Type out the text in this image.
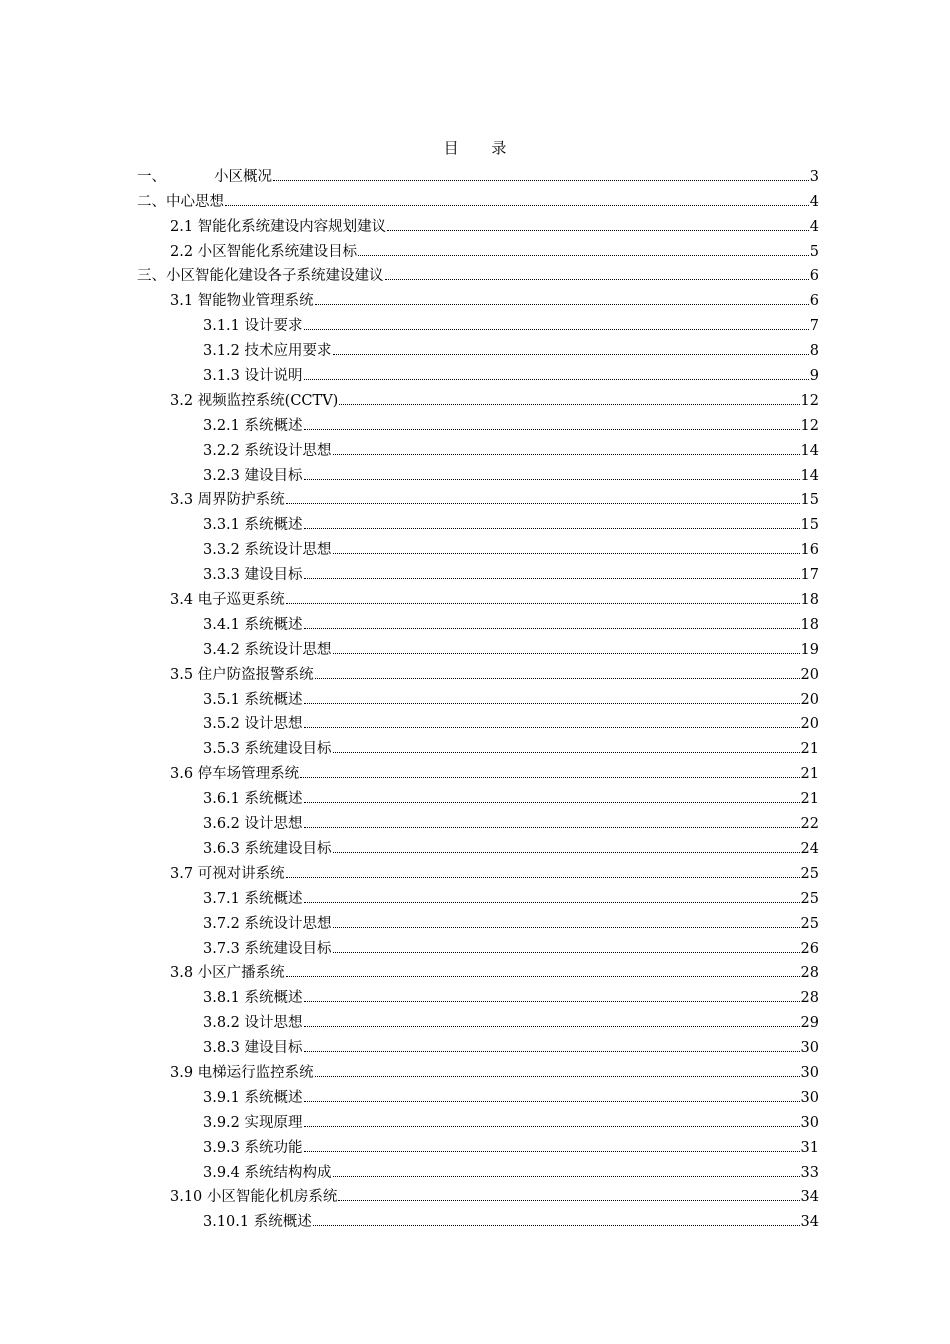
目 录
一、	小区概况	3
二、中心思想	4
2.1 智能化系统建设内容规划建议	4
2.2 小区智能化系统建设目标	5
三、小区智能化建设各子系统建设建议	6
3.1 智能物业管理系统	6
3.1.1 设计要求	7
3.1.2 技术应用要求	8
3.1.3 设计说明	9
3.2 视频监控系统(CCTV)	12
3.2.1 系统概述	12
3.2.2 系统设计思想	14
3.2.3 建设目标	14
3.3 周界防护系统	15
3.3.1 系统概述	15
3.3.2 系统设计思想	16
3.3.3 建设目标	17
3.4 电子巡更系统	18
3.4.1 系统概述	18
3.4.2 系统设计思想	19
3.5 住户防盗报警系统	20
3.5.1 系统概述	20
3.5.2 设计思想	20
3.5.3 系统建设目标	21
3.6 停车场管理系统	21
3.6.1 系统概述	21
3.6.2 设计思想	22
3.6.3 系统建设目标	24
3.7 可视对讲系统	25
3.7.1 系统概述	25
3.7.2 系统设计思想	25
3.7.3 系统建设目标	26
3.8 小区广播系统	28
3.8.1 系统概述	28
3.8.2 设计思想	29
3.8.3 建设目标	30
3.9 电梯运行监控系统	30
3.9.1 系统概述	30
3.9.2 实现原理	30
3.9.3 系统功能	31
3.9.4 系统结构构成	33
3.10 小区智能化机房系统	34
3.10.1 系统概述	34
